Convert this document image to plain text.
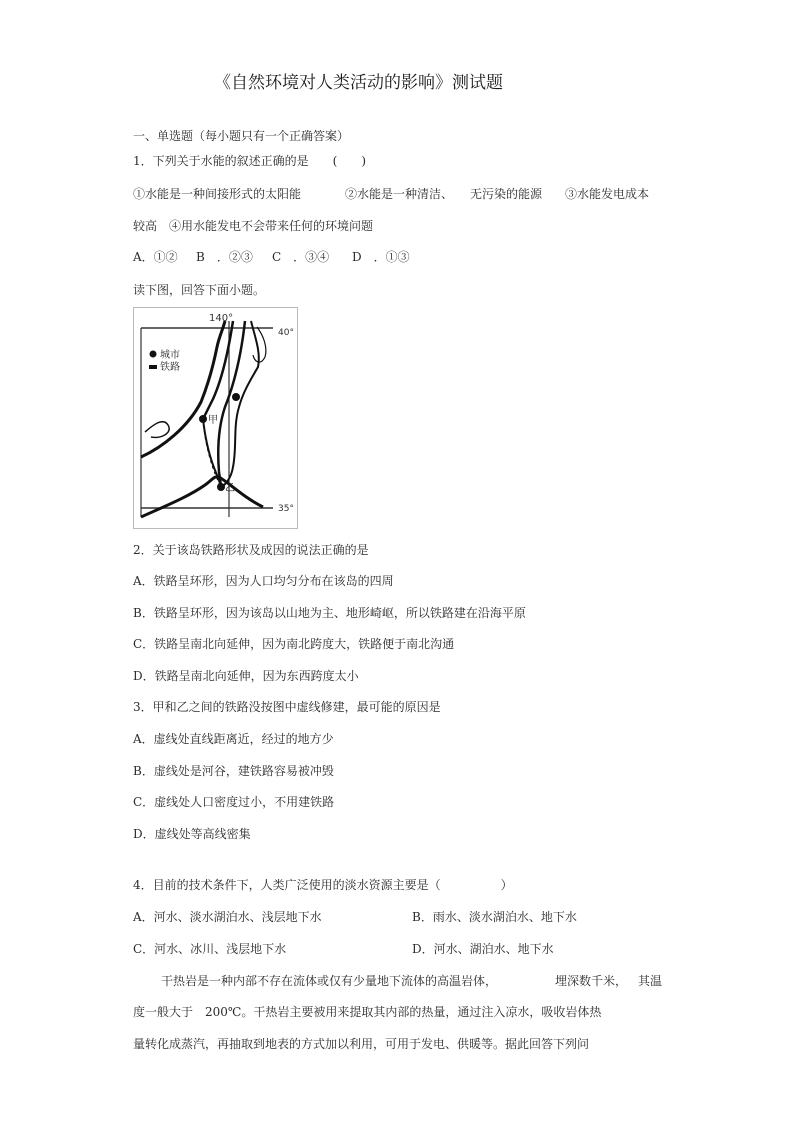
《自然环境对人类活动的影响》测试题
一、单选题（每小题只有一个正确答案）
1．下列关于水能的叙述正确的是　　(　　)
①水能是一种间接形式的太阳能	②水能是一种清洁、 无污染的能源 ③水能发电成本
较高　④用水能发电不会带来任何的环境问题
A．①② B　．②③ C　．③④ D　．①③
读下图，回答下面小题。
140°
40°
35°
城市
铁路
甲
乙
2．关于该岛铁路形状及成因的说法正确的是
A．铁路呈环形，因为人口均匀分布在该岛的四周
B．铁路呈环形，因为该岛以山地为主、地形崎岖，所以铁路建在沿海平原
C．铁路呈南北向延伸，因为南北跨度大，铁路便于南北沟通
D．铁路呈南北向延伸，因为东西跨度太小
3．甲和乙之间的铁路没按图中虚线修建，最可能的原因是
A．虚线处直线距离近，经过的地方少
B．虚线处是河谷，建铁路容易被冲毁
C．虚线处人口密度过小，不用建铁路
D．虚线处等高线密集
4．目前的技术条件下，人类广泛使用的淡水资源主要是（　　　　　）
A．河水、淡水湖泊水、浅层地下水	B．雨水、淡水湖泊水、地下水
C．河水、冰川、浅层地下水	D．河水、湖泊水、地下水
干热岩是一种内部不存在流体或仅有少量地下流体的高温岩体，	埋深数千米， 其温
度一般大于　200℃。干热岩主要被用来提取其内部的热量，通过注入凉水，吸收岩体热
量转化成蒸汽，再抽取到地表的方式加以利用，可用于发电、供暖等。据此回答下列问
